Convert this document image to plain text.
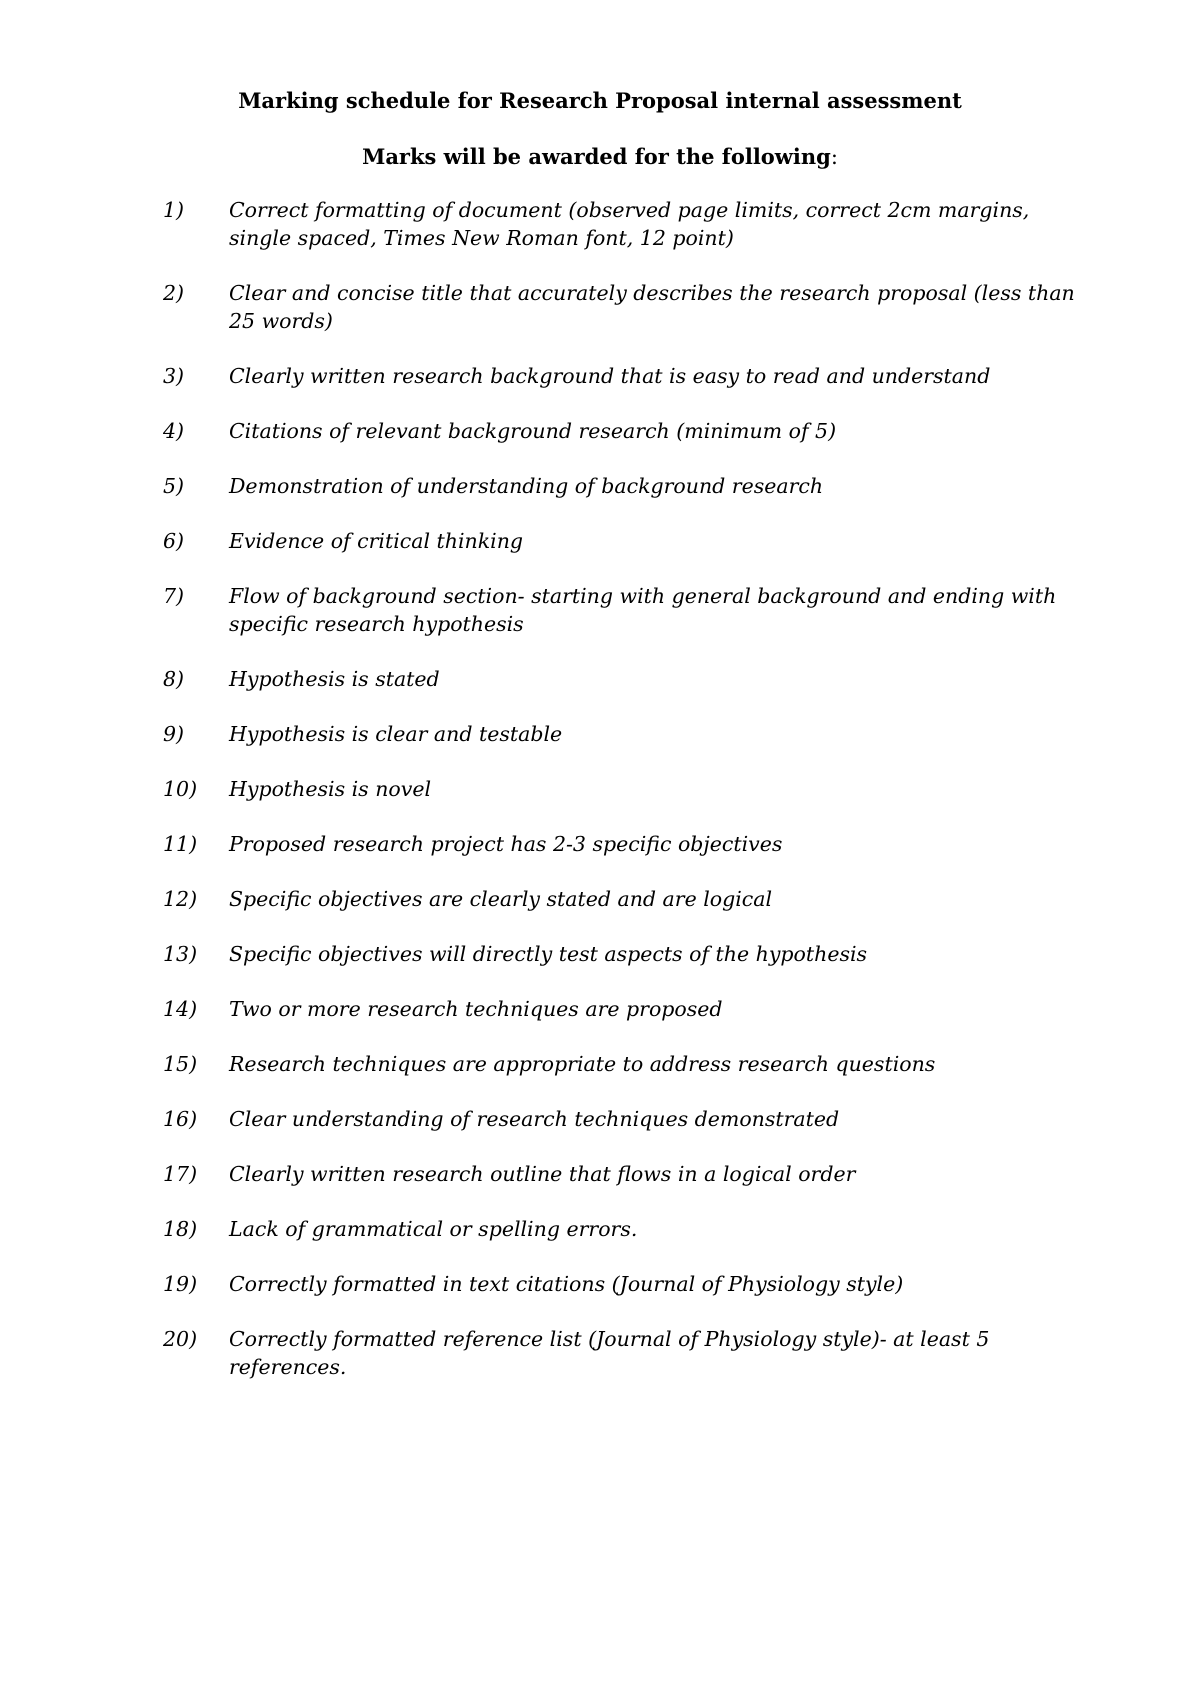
Marking schedule for Research Proposal internal assessment
Marks will be awarded for the following:
1)	Correct formatting of document (observed page limits, correct 2cm margins, single spaced, Times New Roman font, 12 point)
2)	Clear and concise title that accurately describes the research proposal (less than 25 words)
3)	Clearly written research background that is easy to read and understand
4)	Citations of relevant background research (minimum of 5)
5)	Demonstration of understanding of background research
6)	Evidence of critical thinking
7)	Flow of background section- starting with general background and ending with specific research hypothesis
8)	Hypothesis is stated
9)	Hypothesis is clear and testable
10)	Hypothesis is novel
11)	Proposed research project has 2-3 specific objectives
12)	Specific objectives are clearly stated and are logical
13)	Specific objectives will directly test aspects of the hypothesis
14)	Two or more research techniques are proposed
15)	Research techniques are appropriate to address research questions
16)	Clear understanding of research techniques demonstrated
17)	Clearly written research outline that flows in a logical order
18)	Lack of grammatical or spelling errors.
19)	Correctly formatted in text citations (Journal of Physiology style)
20)	Correctly formatted reference list (Journal of Physiology style)- at least 5 references.
